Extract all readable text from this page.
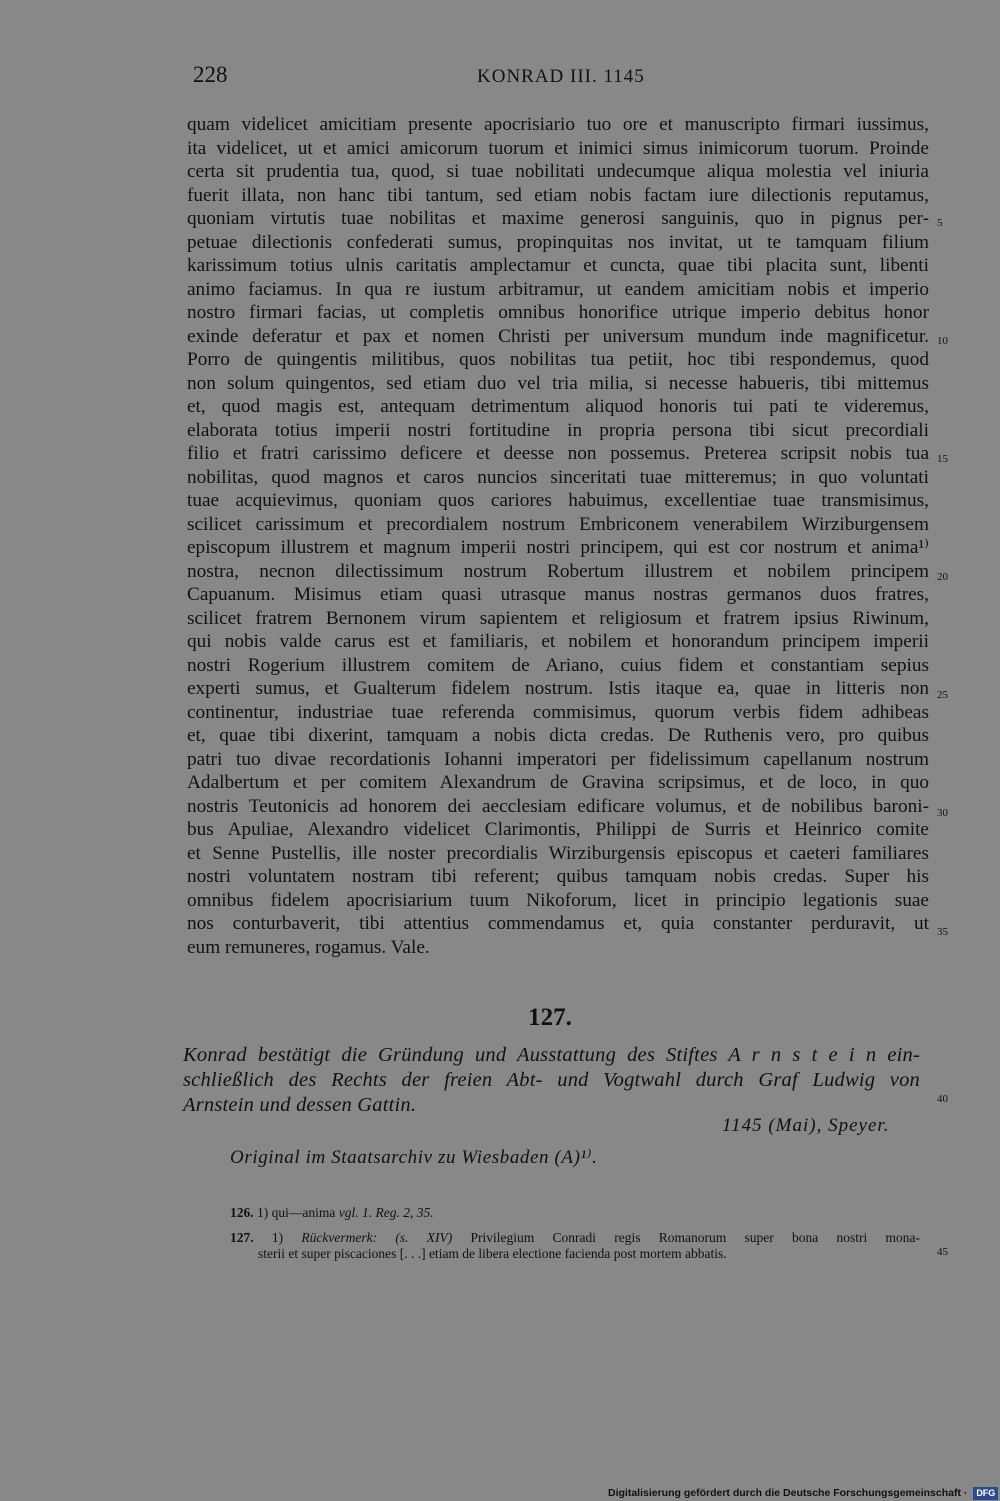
228	KONRAD III. 1145
quam videlicet amicitiam presente apocrisiario tuo ore et manuscripto firmari iussimus,
ita videlicet, ut et amici amicorum tuorum et inimici simus inimicorum tuorum. Proinde
certa sit prudentia tua, quod, si tuae nobilitati undecumque aliqua molestia vel iniuria
fuerit illata, non hanc tibi tantum, sed etiam nobis factam iure dilectionis reputamus,
quoniam virtutis tuae nobilitas et maxime generosi sanguinis, quo in pignus per-
petuae dilectionis confederati sumus, propinquitas nos invitat, ut te tamquam filium
karissimum totius ulnis caritatis amplectamur et cuncta, quae tibi placita sunt, libenti
animo faciamus. In qua re iustum arbitramur, ut eandem amicitiam nobis et imperio
nostro firmari facias, ut completis omnibus honorifice utrique imperio debitus honor
exinde deferatur et pax et nomen Christi per universum mundum inde magnificetur.
Porro de quingentis militibus, quos nobilitas tua petiit, hoc tibi respondemus, quod
non solum quingentos, sed etiam duo vel tria milia, si necesse habueris, tibi mittemus
et, quod magis est, antequam detrimentum aliquod honoris tui pati te videremus,
elaborata totius imperii nostri fortitudine in propria persona tibi sicut precordiali
filio et fratri carissimo deficere et deesse non possemus. Preterea scripsit nobis tua
nobilitas, quod magnos et caros nuncios sinceritati tuae mitteremus; in quo voluntati
tuae acquievimus, quoniam quos cariores habuimus, excellentiae tuae transmisimus,
scilicet carissimum et precordialem nostrum Embriconem venerabilem Wirziburgensem
episcopum illustrem et magnum imperii nostri principem, qui est cor nostrum et anima¹⁾
nostra, necnon dilectissimum nostrum Robertum illustrem et nobilem principem
Capuanum. Misimus etiam quasi utrasque manus nostras germanos duos fratres,
scilicet fratrem Bernonem virum sapientem et religiosum et fratrem ipsius Riwinum,
qui nobis valde carus est et familiaris, et nobilem et honorandum principem imperii
nostri Rogerium illustrem comitem de Ariano, cuius fidem et constantiam sepius
experti sumus, et Gualterum fidelem nostrum. Istis itaque ea, quae in litteris non
continentur, industriae tuae referenda commisimus, quorum verbis fidem adhibeas
et, quae tibi dixerint, tamquam a nobis dicta credas. De Ruthenis vero, pro quibus
patri tuo divae recordationis Iohanni imperatori per fidelissimum capellanum nostrum
Adalbertum et per comitem Alexandrum de Gravina scripsimus, et de loco, in quo
nostris Teutonicis ad honorem dei aecclesiam edificare volumus, et de nobilibus baroni-
bus Apuliae, Alexandro videlicet Clarimontis, Philippi de Surris et Heinrico comite
et Senne Pustellis, ille noster precordialis Wirziburgensis episcopus et caeteri familiares
nostri voluntatem nostram tibi referent; quibus tamquam nobis credas. Super his
omnibus fidelem apocrisiarium tuum Nikoforum, licet in principio legationis suae
nos conturbaverit, tibi attentius commendamus et, quia constanter perduravit, ut
eum remuneres, rogamus. Vale.
5
10
15
20
25
30
35
40
45
127.
Konrad bestätigt die Gründung und Ausstattung des Stiftes A r n s t e i n ein-
schließlich des Rechts der freien Abt- und Vogtwahl durch Graf Ludwig von
Arnstein und dessen Gattin.
1145 (Mai), Speyer.
Original im Staatsarchiv zu Wiesbaden (A)¹⁾.

126. 1) qui—anima vgl. 1. Reg. 2, 35.

127. 1) Rückvermerk: (s. XIV) Privilegium Conradi regis Romanorum super bona nostri mona-
sterii et super piscaciones [. . .] etiam de libera electione facienda post mortem abbatis.
Digitalisierung gefördert durch die Deutsche Forschungsgemeinschaft · DFG
